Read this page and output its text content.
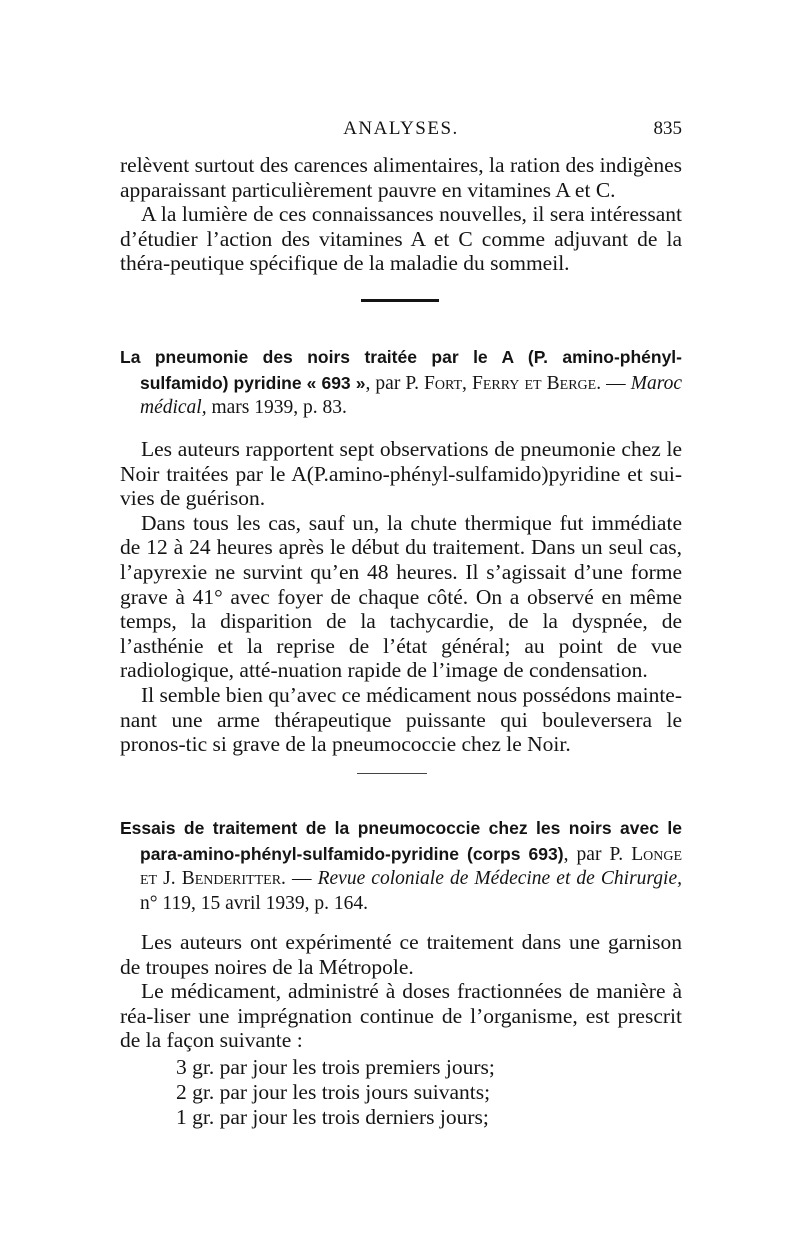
ANALYSES.	835

relèvent surtout des carences alimentaires, la ration des indigènes apparaissant particulièrement pauvre en vitamines A et C.

A la lumière de ces connaissances nouvelles, il sera intéressant d’étudier l’action des vitamines A et C comme adjuvant de la théra-peutique spécifique de la maladie du sommeil.

La pneumonie des noirs traitée par le A (P. amino-phényl-sulfamido) pyridine « 693 », par P. Fort, Ferry et Berge. — Maroc médical, mars 1939, p. 83.

Les auteurs rapportent sept observations de pneumonie chez le Noir traitées par le A(P.amino-phényl-sulfamido)pyridine et sui-vies de guérison.

Dans tous les cas, sauf un, la chute thermique fut immédiate de 12 à 24 heures après le début du traitement. Dans un seul cas, l’apyrexie ne survint qu’en 48 heures. Il s’agissait d’une forme grave à 41° avec foyer de chaque côté. On a observé en même temps, la disparition de la tachycardie, de la dyspnée, de l’asthénie et la reprise de l’état général; au point de vue radiologique, atté-nuation rapide de l’image de condensation.

Il semble bien qu’avec ce médicament nous possédons mainte-nant une arme thérapeutique puissante qui bouleversera le pronos-tic si grave de la pneumococcie chez le Noir.

Essais de traitement de la pneumococcie chez les noirs avec le para-amino-phényl-sulfamido-pyridine (corps 693), par P. Longe et J. Benderitter. — Revue coloniale de Médecine et de Chirurgie, n° 119, 15 avril 1939, p. 164.

Les auteurs ont expérimenté ce traitement dans une garnison de troupes noires de la Métropole.

Le médicament, administré à doses fractionnées de manière à réa-liser une imprégnation continue de l’organisme, est prescrit de la façon suivante :

3 gr. par jour les trois premiers jours;
2 gr. par jour les trois jours suivants;
1 gr. par jour les trois derniers jours;
